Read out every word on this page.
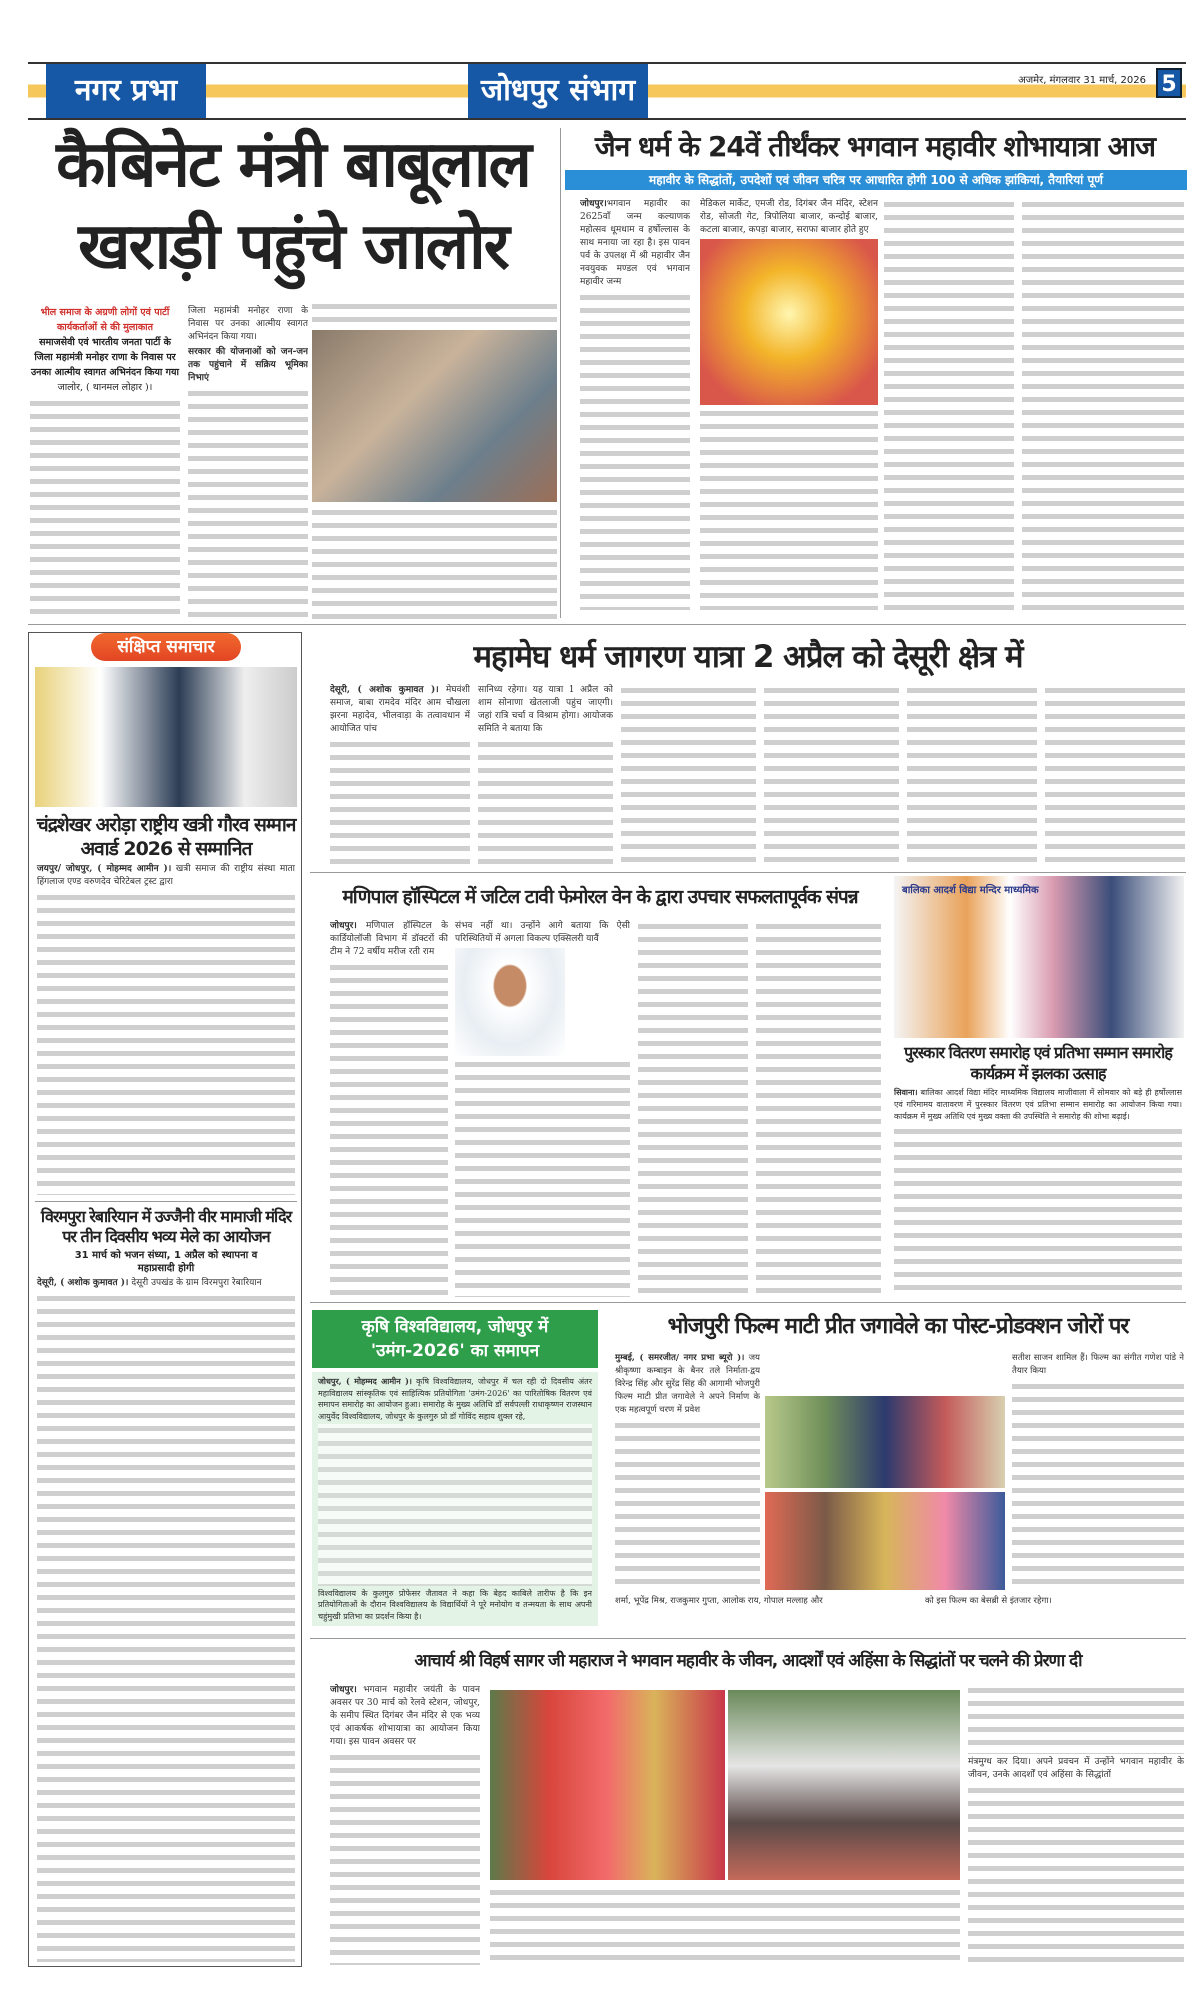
नगर प्रभा	जोधपुर संभाग	अजमेर, मंगलवार 31 मार्च, 2026 5
कैबिनेट मंत्री बाबूलाल खराड़ी पहुंचे जालोर
भील समाज के अग्रणी लोगों एवं पार्टी कार्यकर्ताओं से की मुलाकात
समाजसेवी एवं भारतीय जनता पार्टी के जिला महामंत्री मनोहर राणा के निवास पर उनका आत्मीय स्वागत अभिनंदन किया गया
जालोर, ( थानमल लोहार )।
जिला महामंत्री मनोहर राणा के निवास पर उनका आत्मीय स्वागत अभिनंदन किया गया।
सरकार की योजनाओं को जन-जन तक पहुंचाने में सक्रिय भूमिका निभाएं
जैन धर्म के 24वें तीर्थंकर भगवान महावीर शोभायात्रा आज
महावीर के सिद्धांतों, उपदेशों एवं जीवन चरित्र पर आधारित होगी 100 से अधिक झांकियां, तैयारियां पूर्ण
जोधपुर।भगवान महावीर का 2625वाँ जन्म कल्याणक महोत्सव धूमधाम व हर्षोल्लास के साथ मनाया जा रहा है। इस पावन पर्व के उपलक्ष में श्री महावीर जैन नवयुवक मण्डल एवं भगवान महावीर जन्म
मेडिकल मार्केट, एमजी रोड, दिगंबर जैन मंदिर, स्टेशन रोड, सोजती गेट, त्रिपोलिया बाजार, कन्दोई बाजार, कटला बाजार, कपड़ा बाजार, सराफा बाजार होते हुए
संक्षिप्त समाचार
चंद्रशेखर अरोड़ा राष्ट्रीय खत्री गौरव सम्मान अवार्ड 2026 से सम्मानित
जयपुर/ जोधपुर, ( मोहम्मद आमीन )। खत्री समाज की राष्ट्रीय संस्था माता हिंगलाज एण्ड वरुणदेव चेरिटेबल ट्रस्ट द्वारा
विरमपुरा रेबारियान में उज्जैनी वीर मामाजी मंदिर पर तीन दिवसीय भव्य मेले का आयोजन
31 मार्च को भजन संध्या, 1 अप्रैल को स्थापना व महाप्रसादी होगी
देसूरी, ( अशोक कुमावत )। देसूरी उपखंड के ग्राम विरमपुरा रेबारियान
महामेघ धर्म जागरण यात्रा 2 अप्रैल को देसूरी क्षेत्र में
देसूरी, ( अशोक कुमावत )। मेघवंशी समाज, बाबा रामदेव मंदिर आम चौखला झरना महादेव, भीलवाड़ा के तत्वावधान में आयोजित पांच
सानिध्य रहेगा। यह यात्रा 1 अप्रैल को शाम सोनाणा खेतलाजी पहुंच जाएगी। जहां रात्रि चर्चा व विश्राम होगा। आयोजक समिति ने बताया कि
मणिपाल हॉस्पिटल में जटिल टावी फेमोरल वेन के द्वारा उपचार सफलतापूर्वक संपन्न
जोधपुर। मणिपाल हॉस्पिटल के कार्डियोलॉजी विभाग में डॉक्टरों की टीम ने 72 वर्षीय मरीज रती राम
संभव नहीं था। उन्होंने आगे बताया कि ऐसी परिस्थितियों में अगला विकल्प एक्सिलरी यावैं
बालिका आदर्श विद्या मन्दिर माध्यमिक
पुरस्कार वितरण समारोह एवं प्रतिभा सम्मान समारोह कार्यक्रम में झलका उत्साह
सिवाना। बालिका आदर्श विद्या मंदिर माध्यमिक विद्यालय माजीवाला में सोमवार को बड़े ही हर्षोल्लास एवं गरिमामय वातावरण में पुरस्कार वितरण एवं प्रतिभा सम्मान समारोह का आयोजन किया गया। कार्यक्रम में मुख्य अतिथि एवं मुख्य वक्ता की उपस्थिति ने समारोह की शोभा बढ़ाई।
कृषि विश्वविद्यालय, जोधपुर में 'उमंग-2026' का समापन
जोधपुर, ( मोहम्मद आमीन )। कृषि विश्वविद्यालय, जोधपुर में चल रही दो दिवसीय अंतर महाविद्यालय सांस्कृतिक एवं साहित्यिक प्रतियोगिता 'उमंग-2026' का पारितोषिक वितरण एवं समापन समारोह का आयोजन हुआ। समारोह के मुख्य अतिथि डॉ सर्वपल्ली राधाकृष्णन राजस्थान आयुर्वेद विश्वविद्यालय, जोधपुर के कुलगुरु प्रो डॉ गोविंद सहाय शुक्ल रहे,
विश्वविद्यालय के कुलगुरु प्रोफेसर जैतावत ने कहा कि बेहद काबिले तारीफ है कि इन प्रतियोगिताओं के दौरान विश्वविद्यालय के विद्यार्थियों ने पूरे मनोयोग व तन्मयता के साथ अपनी चहुंमुखी प्रतिभा का प्रदर्शन किया है।
भोजपुरी फिल्म माटी प्रीत जगावेले का पोस्ट-प्रोडक्शन जोरों पर
मुम्बई, ( समरजीत/ नगर प्रभा ब्यूरो )। जय श्रीकृष्णा कम्बाइन के बैनर तले निर्माता-द्वय विरेन्द्र सिंह और सुरेंद्र सिंह की आगामी भोजपुरी फिल्म माटी प्रीत जगावेले ने अपने निर्माण के एक महत्वपूर्ण चरण में प्रवेश
सतीश साजन शामिल हैं। फिल्म का संगीत गणेश पांडे ने तैयार किया
शर्मा, भूपेंद्र मिश्र, राजकुमार गुप्ता, आलोक राय, गोपाल मल्लाह और	को इस फिल्म का बेसब्री से इंतजार रहेगा।
आचार्य श्री विहर्ष सागर जी महाराज ने भगवान महावीर के जीवन, आदर्शों एवं अहिंसा के सिद्धांतों पर चलने की प्रेरणा दी
जोधपुर। भगवान महावीर जयंती के पावन अवसर पर 30 मार्च को रेलवे स्टेशन, जोधपुर, के समीप स्थित दिगंबर जैन मंदिर से एक भव्य एवं आकर्षक शोभायात्रा का आयोजन किया गया। इस पावन अवसर पर
मंत्रमुग्ध कर दिया। अपने प्रवचन में उन्होंने भगवान महावीर के जीवन, उनके आदर्शों एवं अहिंसा के सिद्धांतों
